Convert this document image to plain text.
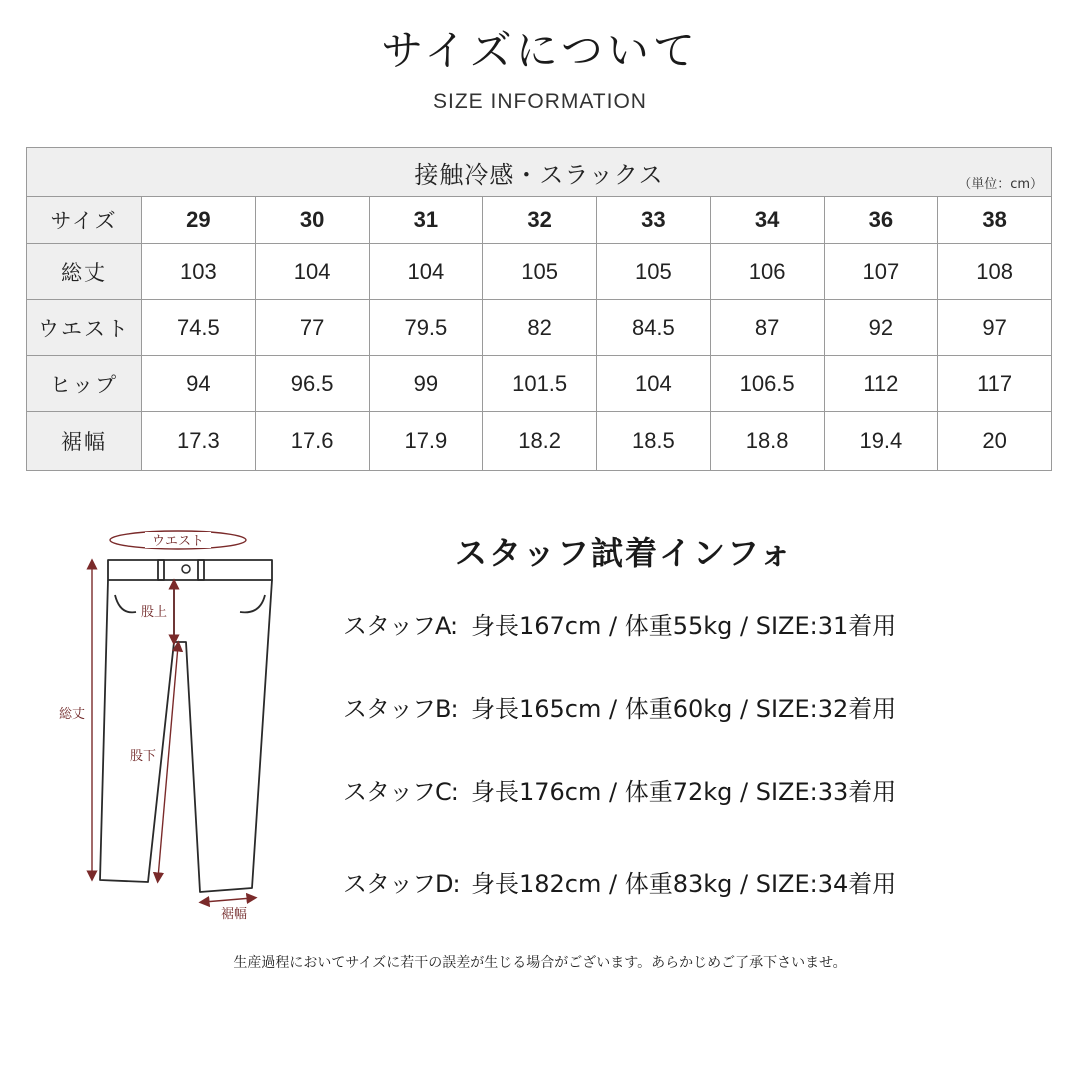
サイズについて
SIZE INFORMATION
接触冷感・スラックス （単位：cm）								

サイズ	29	30	31	32	33	34	36	38
総丈	103	104	104	105	105	106	107	108
ウエスト	74.5	77	79.5	82	84.5	87	92	97
ヒップ	94	96.5	99	101.5	104	106.5	112	117
裾幅	17.3	17.6	17.9	18.2	18.5	18.8	19.4	20
ウエスト
総丈
股上
股下
裾幅
スタッフ試着インフォ
スタッフA: 身長167cm / 体重55kg / SIZE:31着用
スタッフB: 身長165cm / 体重60kg / SIZE:32着用
スタッフC: 身長176cm / 体重72kg / SIZE:33着用
スタッフD: 身長182cm / 体重83kg / SIZE:34着用
生産過程においてサイズに若干の誤差が生じる場合がございます。あらかじめご了承下さいませ。
